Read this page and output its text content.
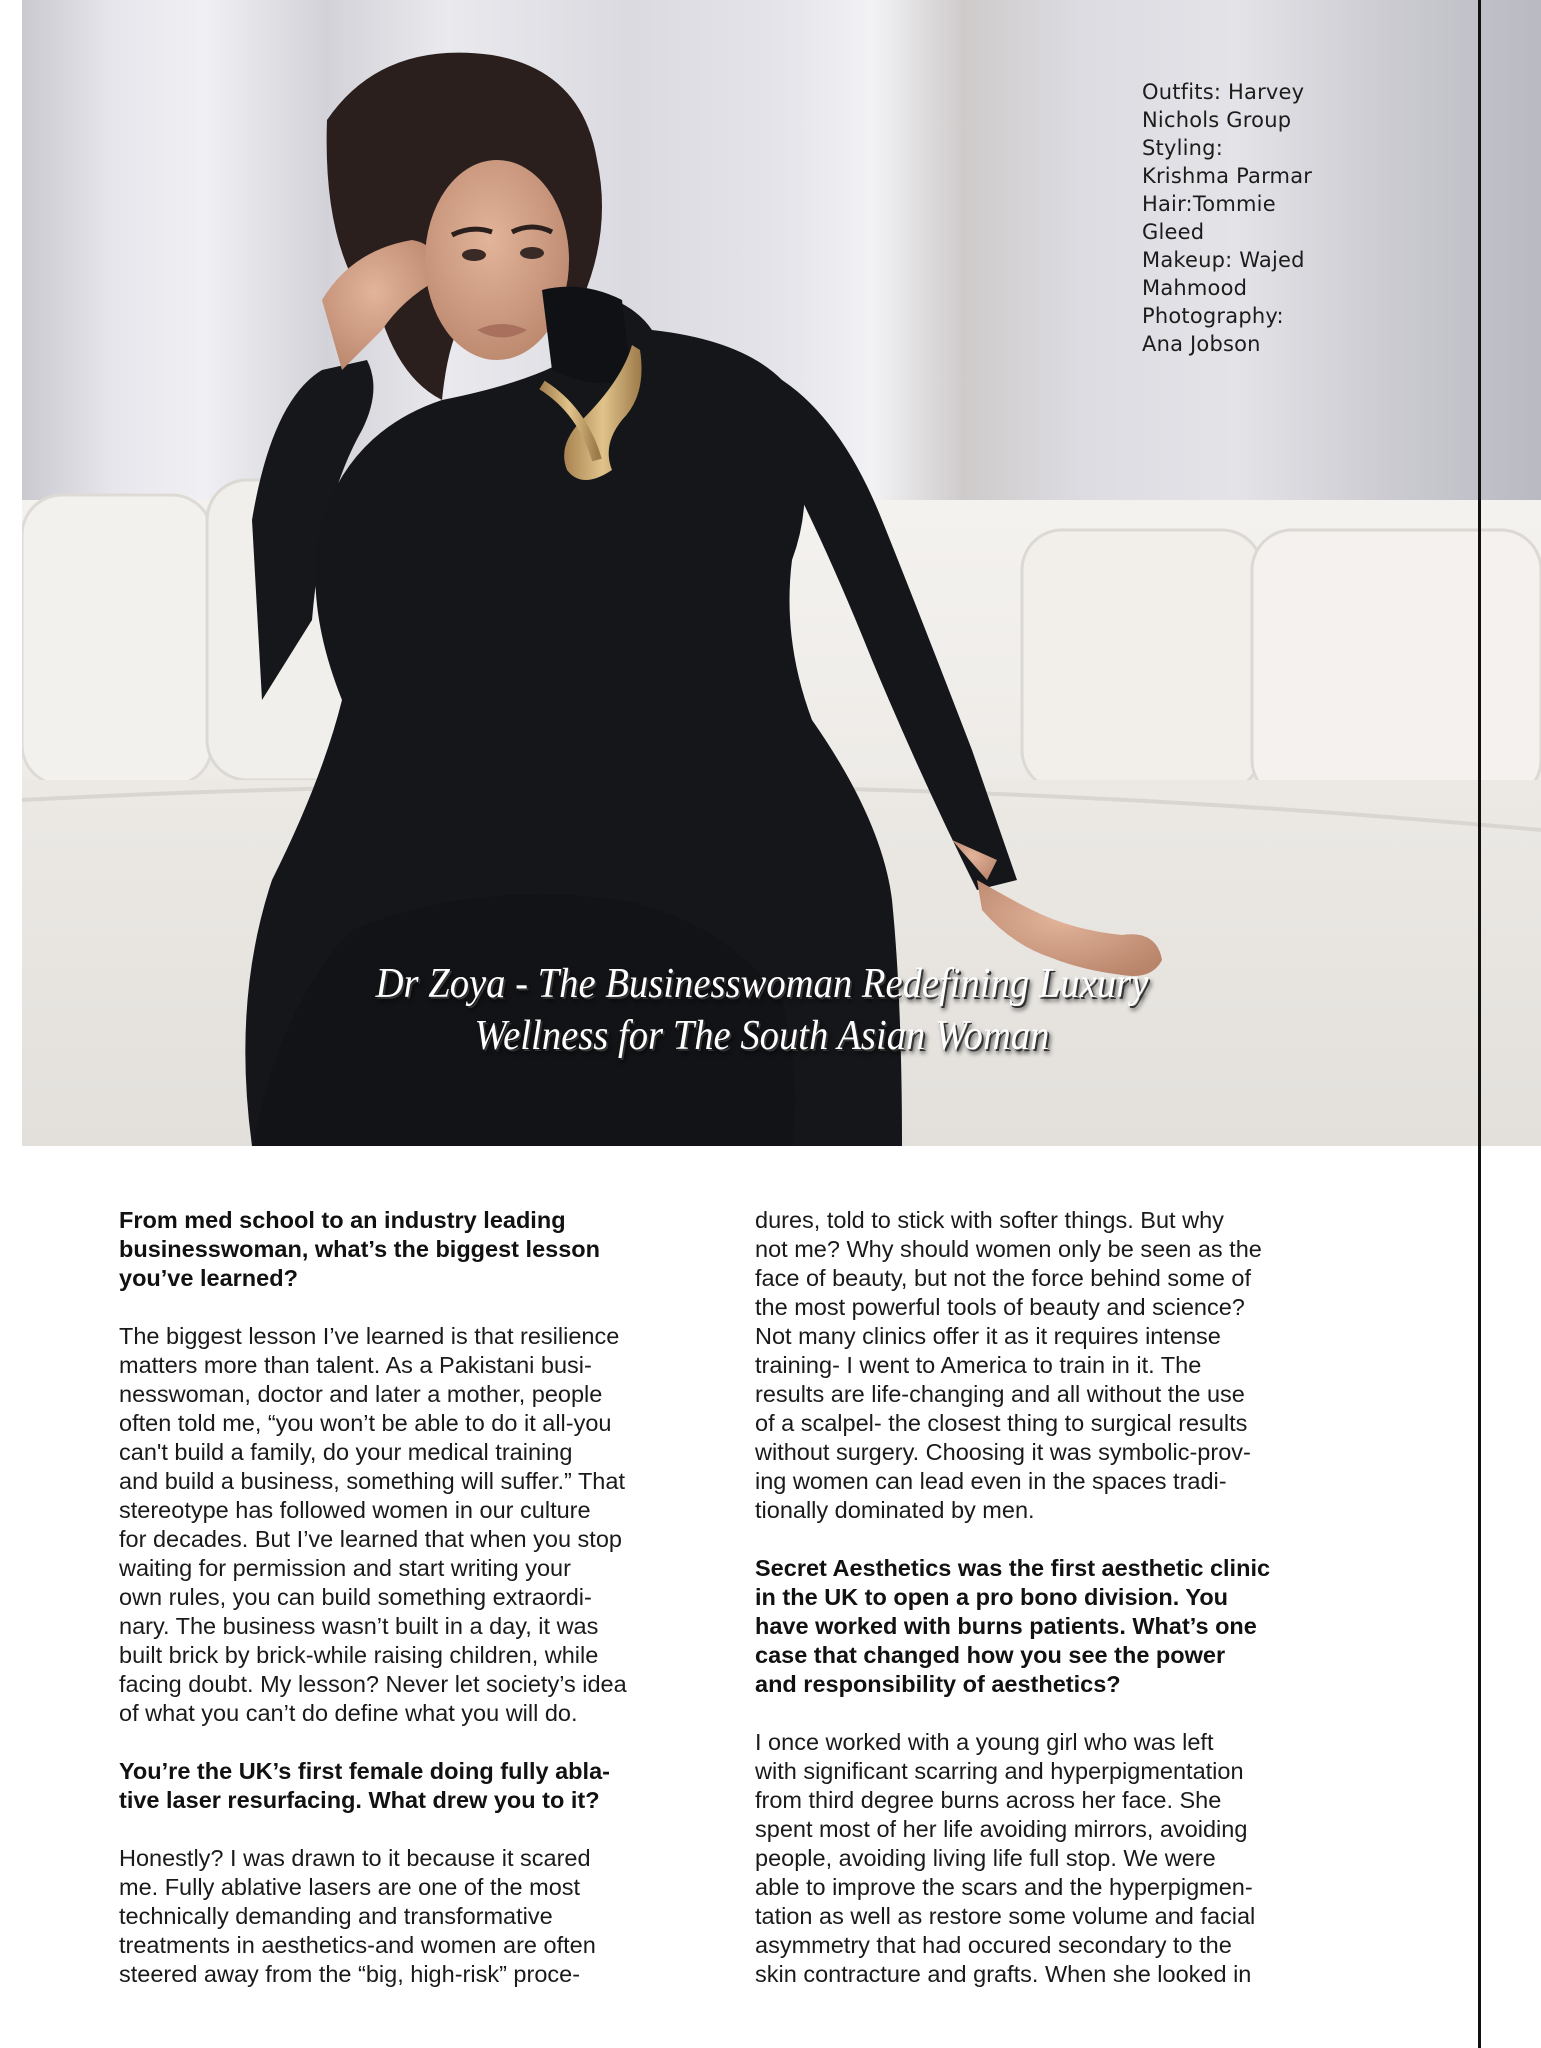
Outfits: Harvey
Nichols Group
Styling:
Krishma Parmar
Hair:Tommie
Gleed
Makeup: Wajed
Mahmood
Photography:
Ana Jobson
Dr Zoya - The Businesswoman Redefining Luxury
Wellness for The South Asian Woman

From med school to an industry leading
businesswoman, what’s the biggest lesson
you’ve learned?

The biggest lesson I’ve learned is that resilience
matters more than talent. As a Pakistani busi-
nesswoman, doctor and later a mother, people
often told me, “you won’t be able to do it all-you
can't build a family, do your medical training
and build a business, something will suffer.” That
stereotype has followed women in our culture
for decades. But I’ve learned that when you stop
waiting for permission and start writing your
own rules, you can build something extraordi-
nary. The business wasn’t built in a day, it was
built brick by brick-while raising children, while
facing doubt. My lesson? Never let society’s idea
of what you can’t do define what you will do.

You’re the UK’s first female doing fully abla-
tive laser resurfacing. What drew you to it?

Honestly? I was drawn to it because it scared
me. Fully ablative lasers are one of the most
technically demanding and transformative
treatments in aesthetics-and women are often
steered away from the “big, high-risk” proce-

dures, told to stick with softer things. But why
not me? Why should women only be seen as the
face of beauty, but not the force behind some of
the most powerful tools of beauty and science?
Not many clinics offer it as it requires intense
training- I went to America to train in it. The
results are life-changing and all without the use
of a scalpel- the closest thing to surgical results
without surgery. Choosing it was symbolic-prov-
ing women can lead even in the spaces tradi-
tionally dominated by men.

Secret Aesthetics was the first aesthetic clinic
in the UK to open a pro bono division. You
have worked with burns patients. What’s one
case that changed how you see the power
and responsibility of aesthetics?

I once worked with a young girl who was left
with significant scarring and hyperpigmentation
from third degree burns across her face. She
spent most of her life avoiding mirrors, avoiding
people, avoiding living life full stop. We were
able to improve the scars and the hyperpigmen-
tation as well as restore some volume and facial
asymmetry that had occured secondary to the
skin contracture and grafts. When she looked in
